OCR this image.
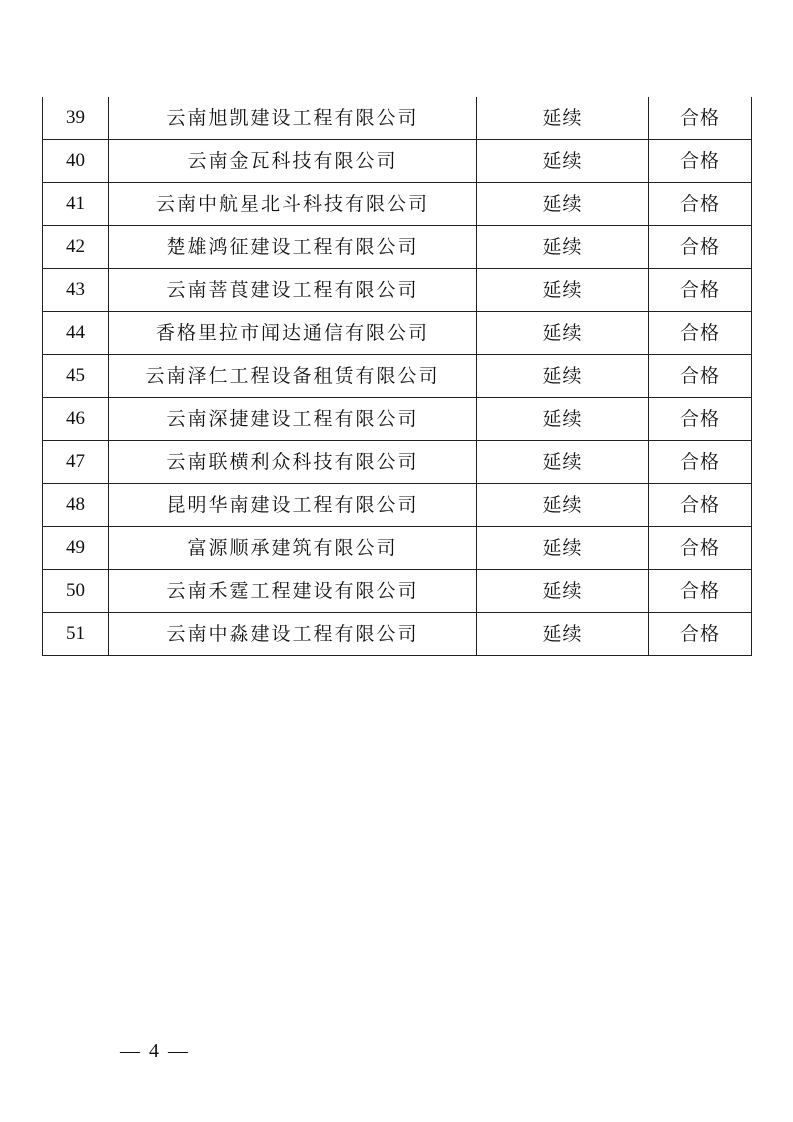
39	云南旭凯建设工程有限公司	延续	合格
40	云南金瓦科技有限公司	延续	合格
41	云南中航星北斗科技有限公司	延续	合格
42	楚雄鸿征建设工程有限公司	延续	合格
43	云南菩莨建设工程有限公司	延续	合格
44	香格里拉市闻达通信有限公司	延续	合格
45	云南泽仁工程设备租赁有限公司	延续	合格
46	云南深捷建设工程有限公司	延续	合格
47	云南联横利众科技有限公司	延续	合格
48	昆明华南建设工程有限公司	延续	合格
49	富源顺承建筑有限公司	延续	合格
50	云南禾霆工程建设有限公司	延续	合格
51	云南中淼建设工程有限公司	延续	合格
— 4 —
